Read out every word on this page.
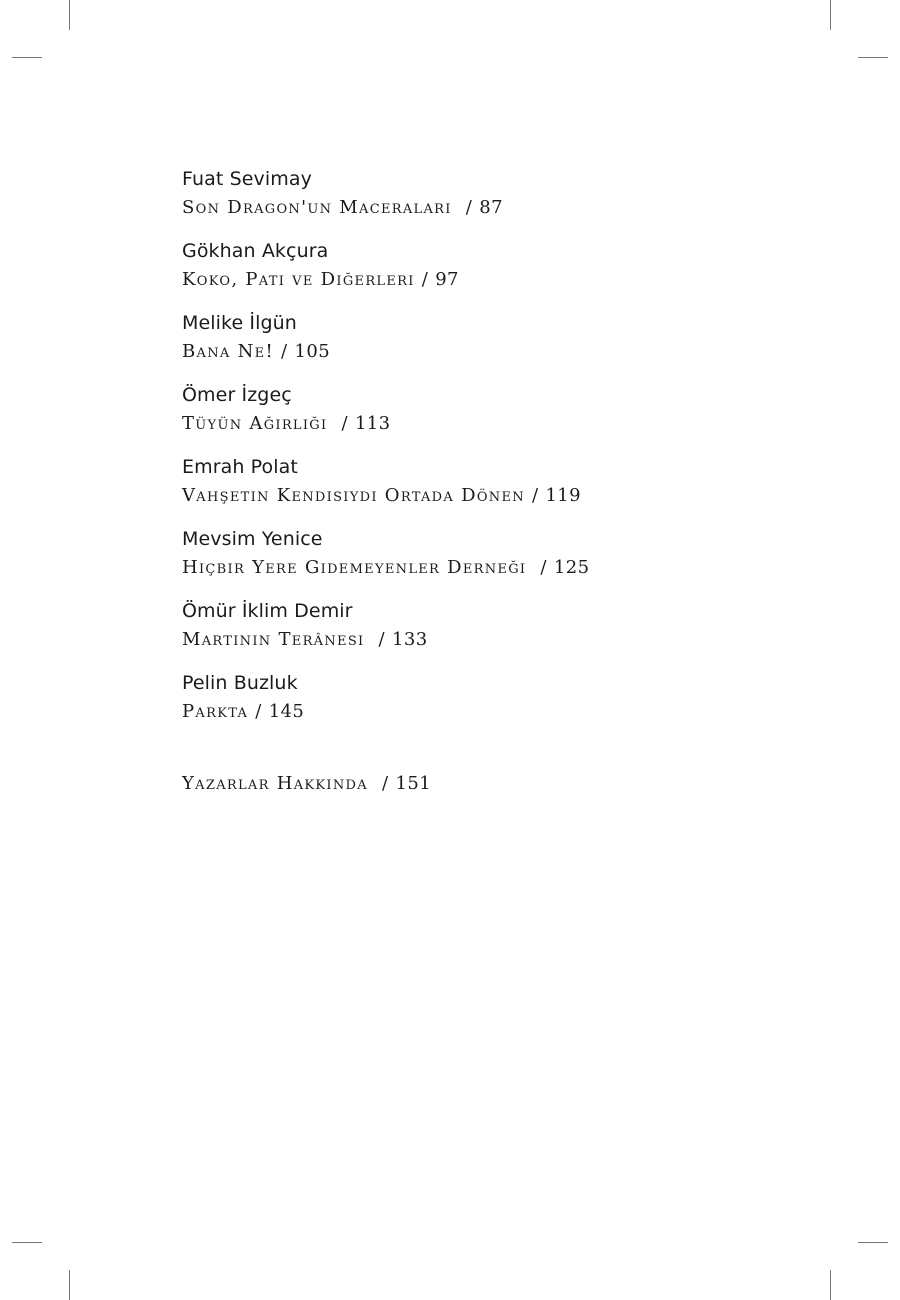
Fuat Sevimay
Son Dragon'un Maceraları / 87
Gökhan Akçura
Koko, Pati ve Diğerleri / 97
Melike İlgün
Bana Ne! / 105
Ömer İzgeç
Tüyün Ağırlığı / 113
Emrah Polat
Vahşetin Kendisiydi Ortada Dönen / 119
Mevsim Yenice
Hiçbir Yere Gidemeyenler Derneği / 125
Ömür İklim Demir
Martının Terânesi / 133
Pelin Buzluk
Parkta / 145
Yazarlar Hakkında / 151
